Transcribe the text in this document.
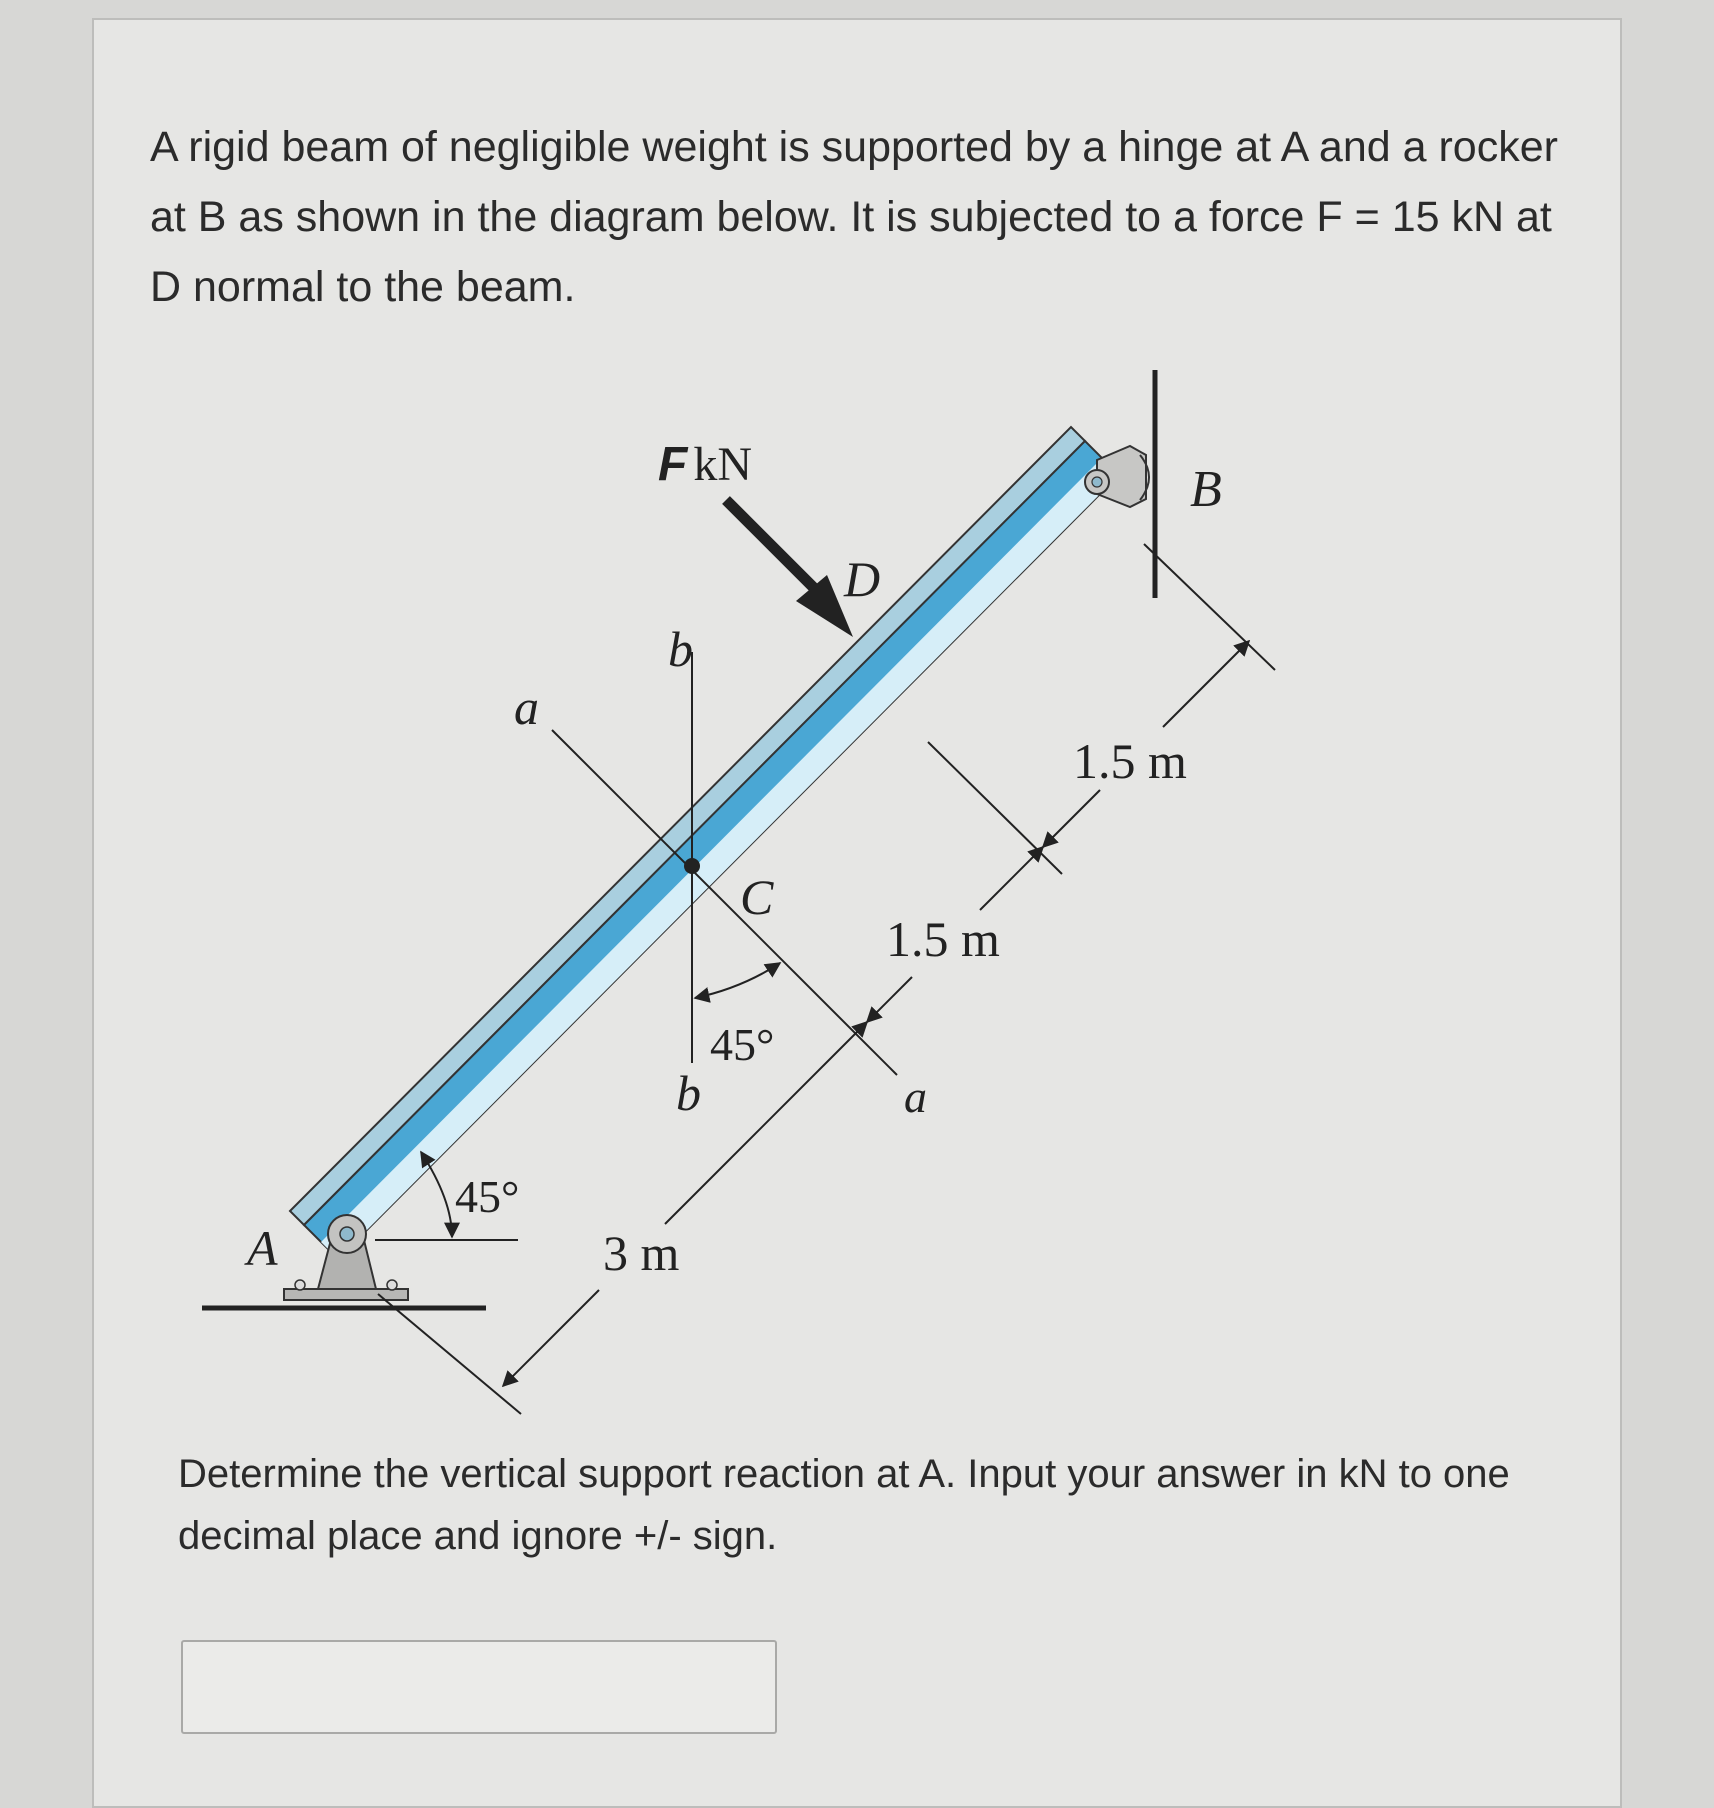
A rigid beam of negligible weight is supported by a hinge at A and a rocker at B as shown in the diagram below. It is subjected to a force F = 15 kN at D normal to the beam.

F kN
D
B
A
C
b
b
a
a
45°
45°
3 m
1.5 m
1.5 m

Determine the vertical support reaction at A. Input your answer in kN to one decimal place and ignore +/- sign.
